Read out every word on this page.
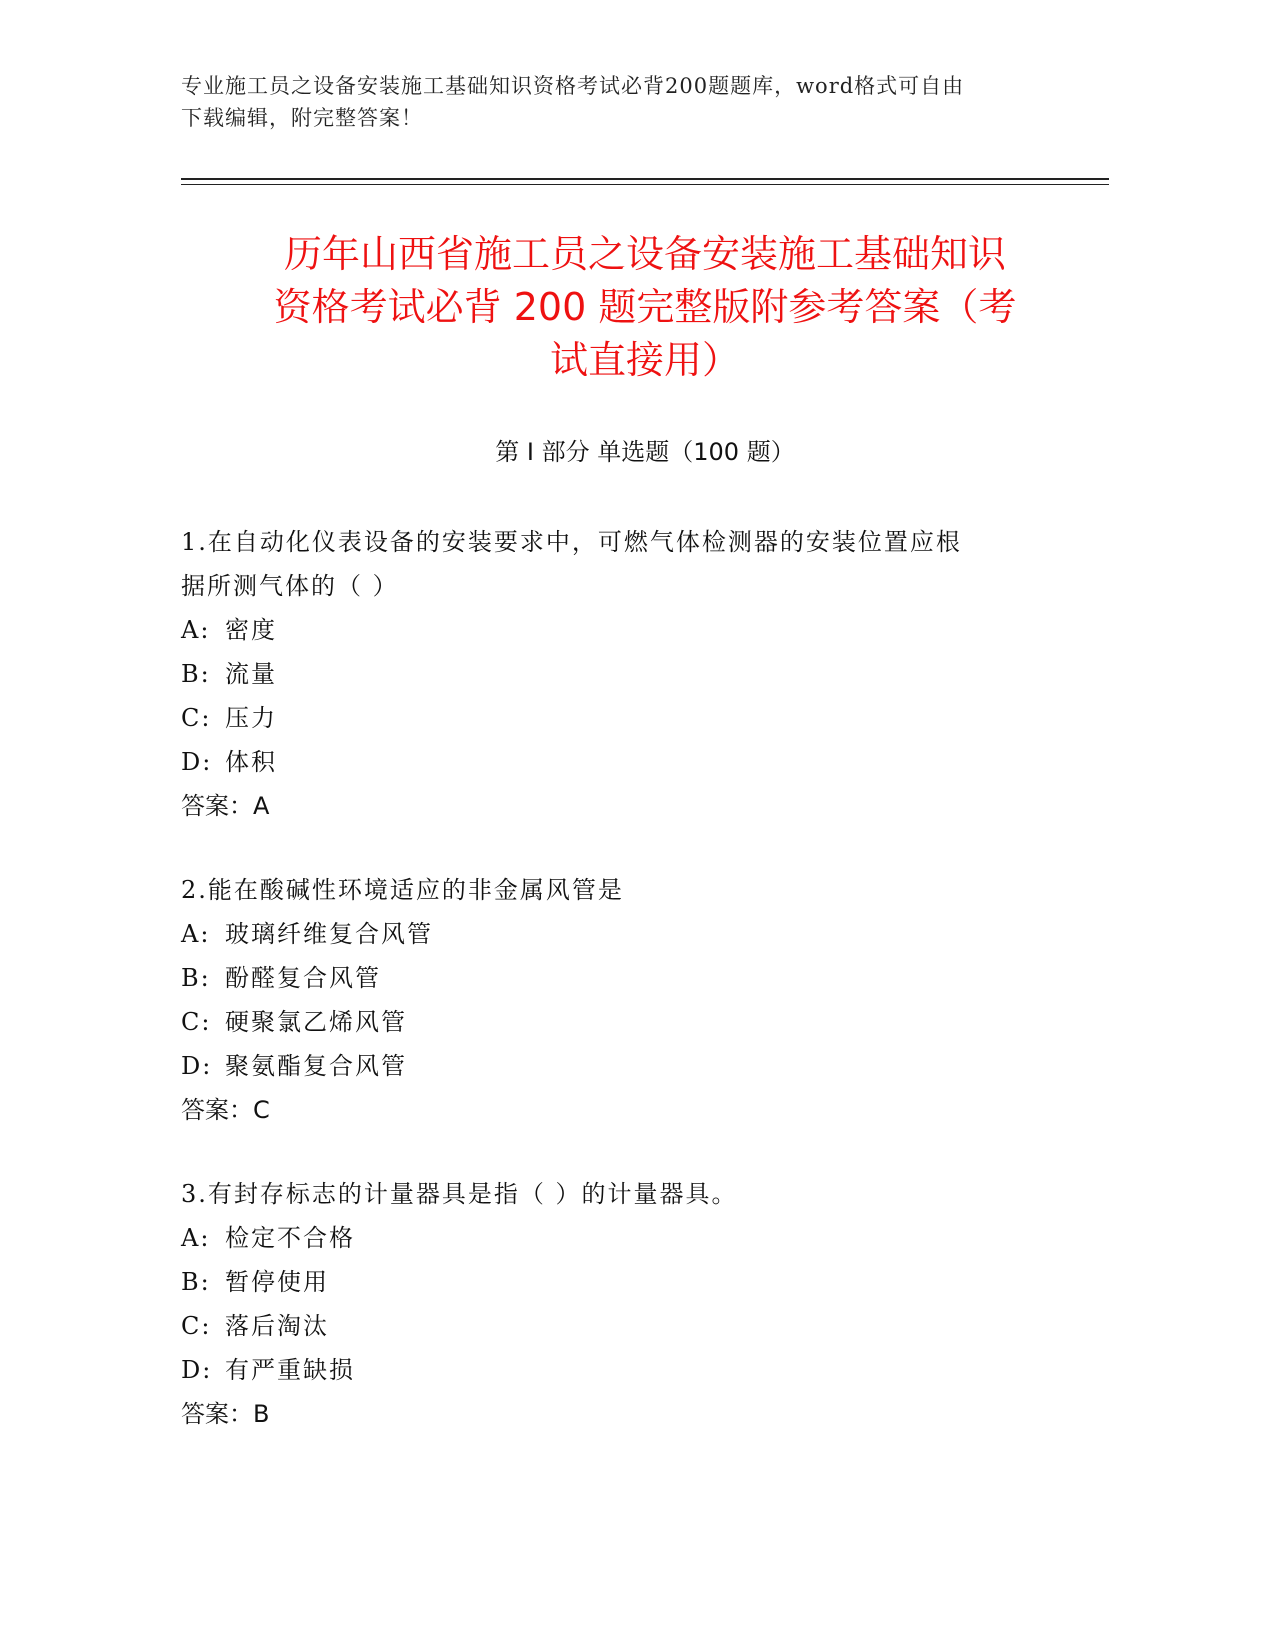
专业施工员之设备安装施工基础知识资格考试必背200题题库，word格式可自由
下载编辑，附完整答案！
历年山西省施工员之设备安装施工基础知识
资格考试必背 200 题完整版附参考答案（考
试直接用）
第 I 部分 单选题（100 题）

1.在自动化仪表设备的安装要求中，可燃气体检测器的安装位置应根

据所测气体的（ ）

A: 密度

B: 流量

C: 压力

D: 体积

答案：A

2.能在酸碱性环境适应的非金属风管是

A: 玻璃纤维复合风管

B: 酚醛复合风管

C: 硬聚氯乙烯风管

D: 聚氨酯复合风管

答案：C

3.有封存标志的计量器具是指（ ）的计量器具。

A: 检定不合格

B: 暂停使用

C: 落后淘汰

D: 有严重缺损

答案：B
